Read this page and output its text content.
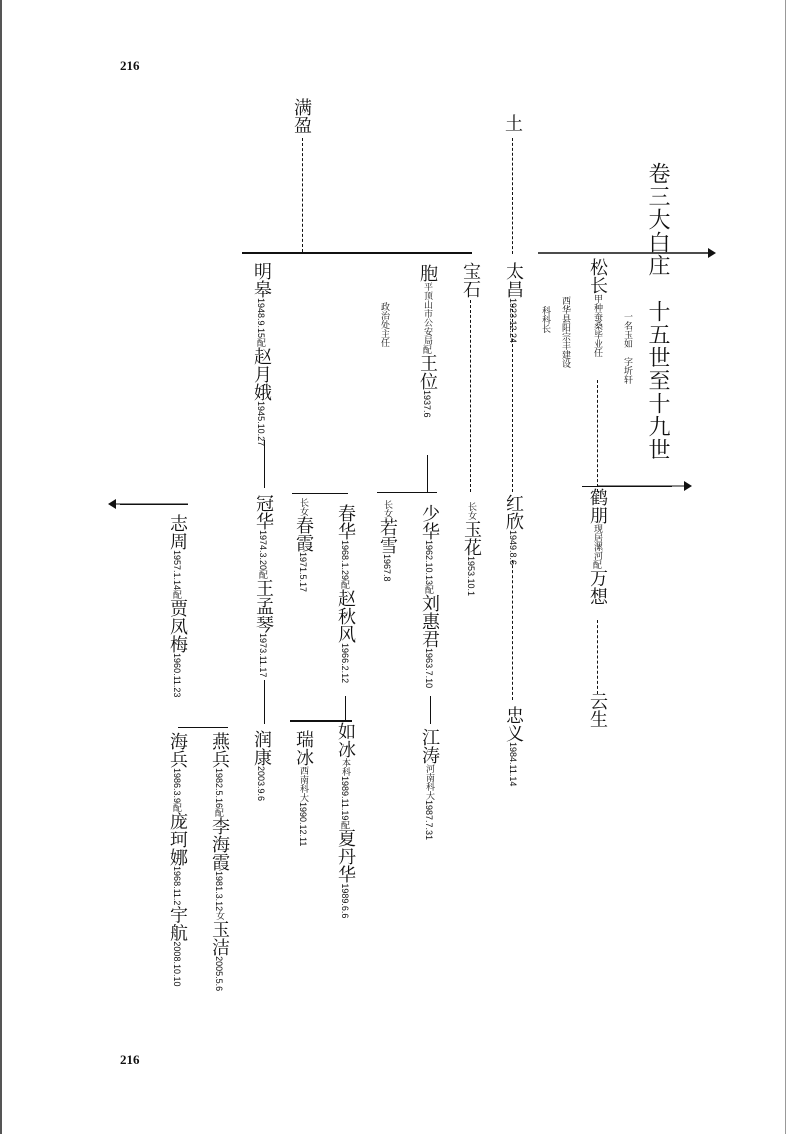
216
216
卷三大白庄　十五世至十九世
满盈	土
明皋1948.9.15配赵月娥1945.10.27
胞平顶山市公安局配王位1937.6
政治处主任
宝石 太昌1923.12.24
松长甲种蚕桑毕业任
西华县阳宗丰建设
科科长	一名玉如　字圻轩
冠华1974.3.20配王孟琴1973.11.17
长女春霞1971.5.17
春华1968.1.29配赵秋风1966.2.12
长女若雪1967.8
少华1962.10.13配刘惠君1963.7.10
长女玉花1953.10.1
红欣1949.8.6
忠义1984.11.14
鹤朋现居漯河配万想
云生
志周1957.1.14配贾凤梅1960.11.23
润康2003.9.6
如冰本科1989.11.19配夏丹华1989.6.6
瑞冰西南科大1990.12.11
江涛河南科大1987.7.31
燕兵1982.5.16配李海霞1981.3.12女玉洁2005.5.6
海兵1986.3.9配庞珂娜1968.11.2宇航2008.10.10
